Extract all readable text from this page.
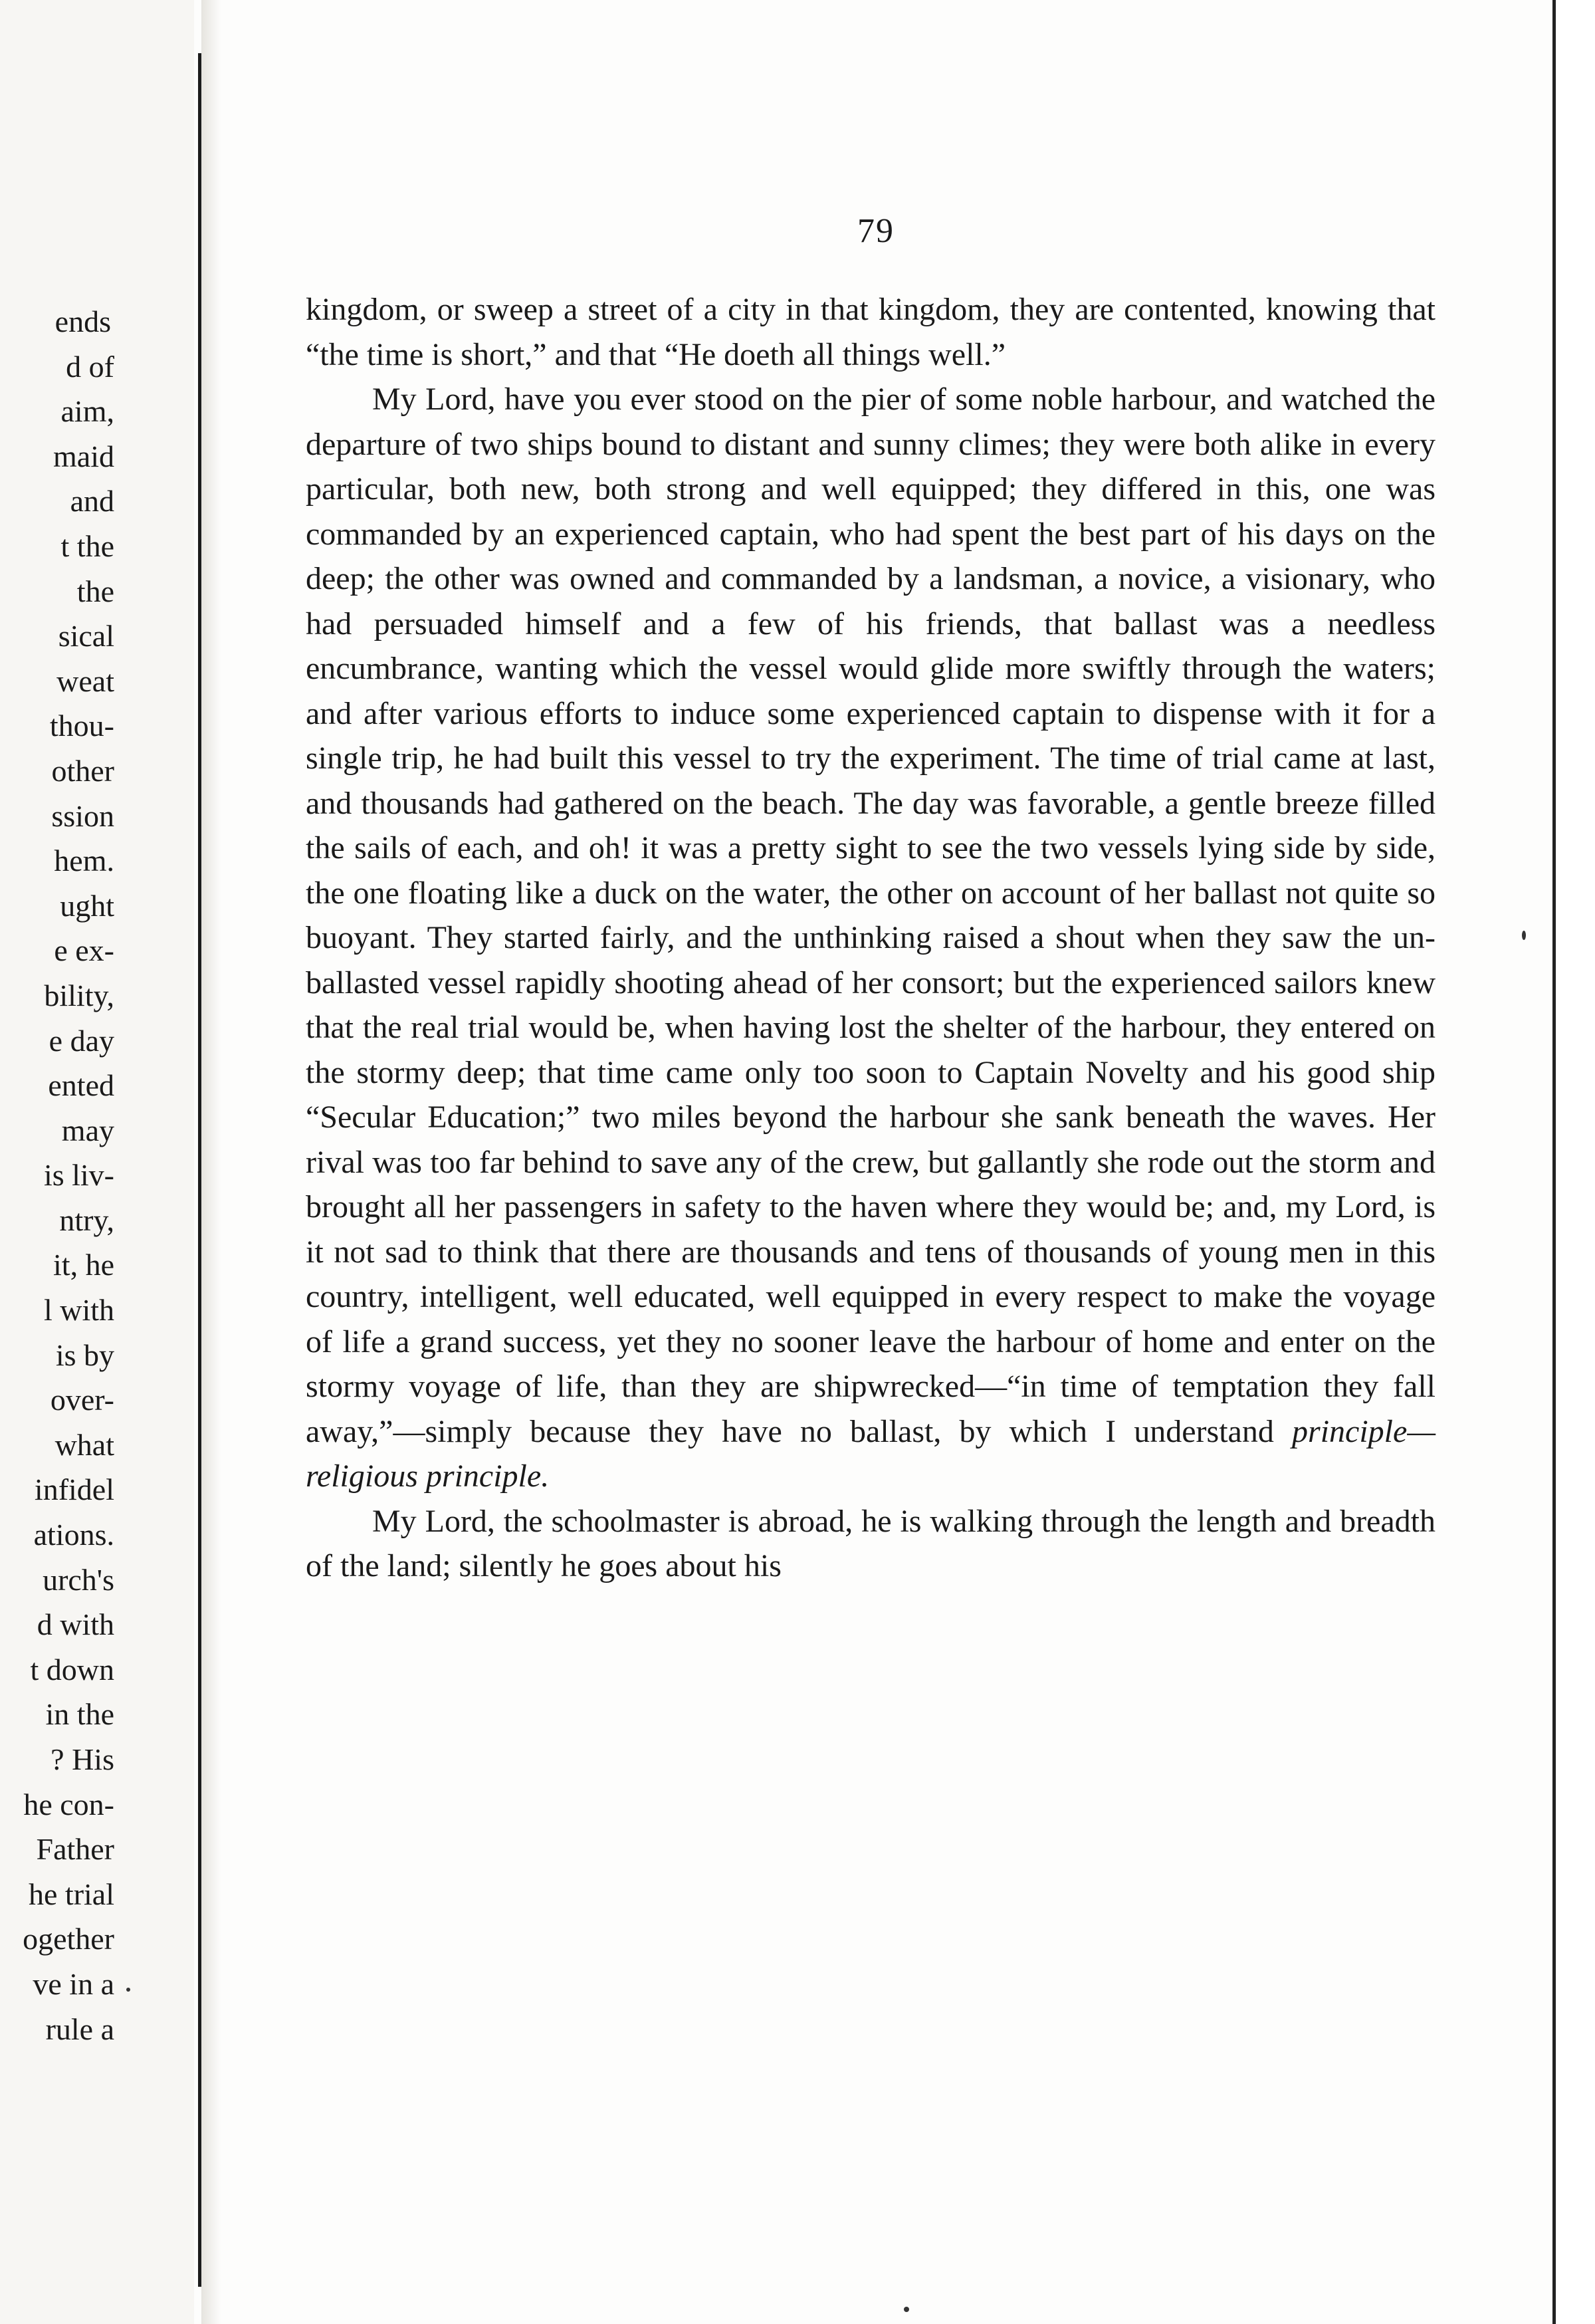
ends
d of
aim,
maid
and
t the
the
sical
weat
thou-
other
ssion
hem.
ught
e ex-
bility,
e day
ented
may
is liv-
ntry,
it, he
l with
is by
over-
what
infidel
ations.
urch's
d with
t down
in the
? His
he con-
Father
he trial
ogether
ve in a
rule a
79

kingdom, or sweep a street of a city in that kingdom, they are contented, knowing that “the time is short,” and that “He doeth all things well.”

My Lord, have you ever stood on the pier of some noble harbour, and watched the departure of two ships bound to distant and sunny climes; they were both alike in every particular, both new, both strong and well equipped; they differed in this, one was commanded by an experienced captain, who had spent the best part of his days on the deep; the other was owned and commanded by a landsman, a novice, a visionary, who had persuaded himself and a few of his friends, that ballast was a needless encumbrance, wanting which the vessel would glide more swiftly through the waters; and after various efforts to induce some experienced captain to dispense with it for a single trip, he had built this vessel to try the experiment. The time of trial came at last, and thousands had gathered on the beach. The day was favorable, a gentle breeze filled the sails of each, and oh! it was a pretty sight to see the two vessels lying side by side, the one floating like a duck on the water, the other on account of her ballast not quite so buoyant. They started fairly, and the unthinking raised a shout when they saw the un-ballasted vessel rapidly shooting ahead of her consort; but the experienced sailors knew that the real trial would be, when having lost the shelter of the harbour, they entered on the stormy deep; that time came only too soon to Captain Novelty and his good ship “Secular Education;” two miles beyond the harbour she sank beneath the waves. Her rival was too far behind to save any of the crew, but gallantly she rode out the storm and brought all her passengers in safety to the haven where they would be; and, my Lord, is it not sad to think that there are thousands and tens of thousands of young men in this country, intelligent, well educated, well equipped in every respect to make the voyage of life a grand success, yet they no sooner leave the harbour of home and enter on the stormy voyage of life, than they are shipwrecked—“in time of temptation they fall away,”—simply because they have no ballast, by which I understand principle—religious principle.

My Lord, the schoolmaster is abroad, he is walking through the length and breadth of the land; silently he goes about his
